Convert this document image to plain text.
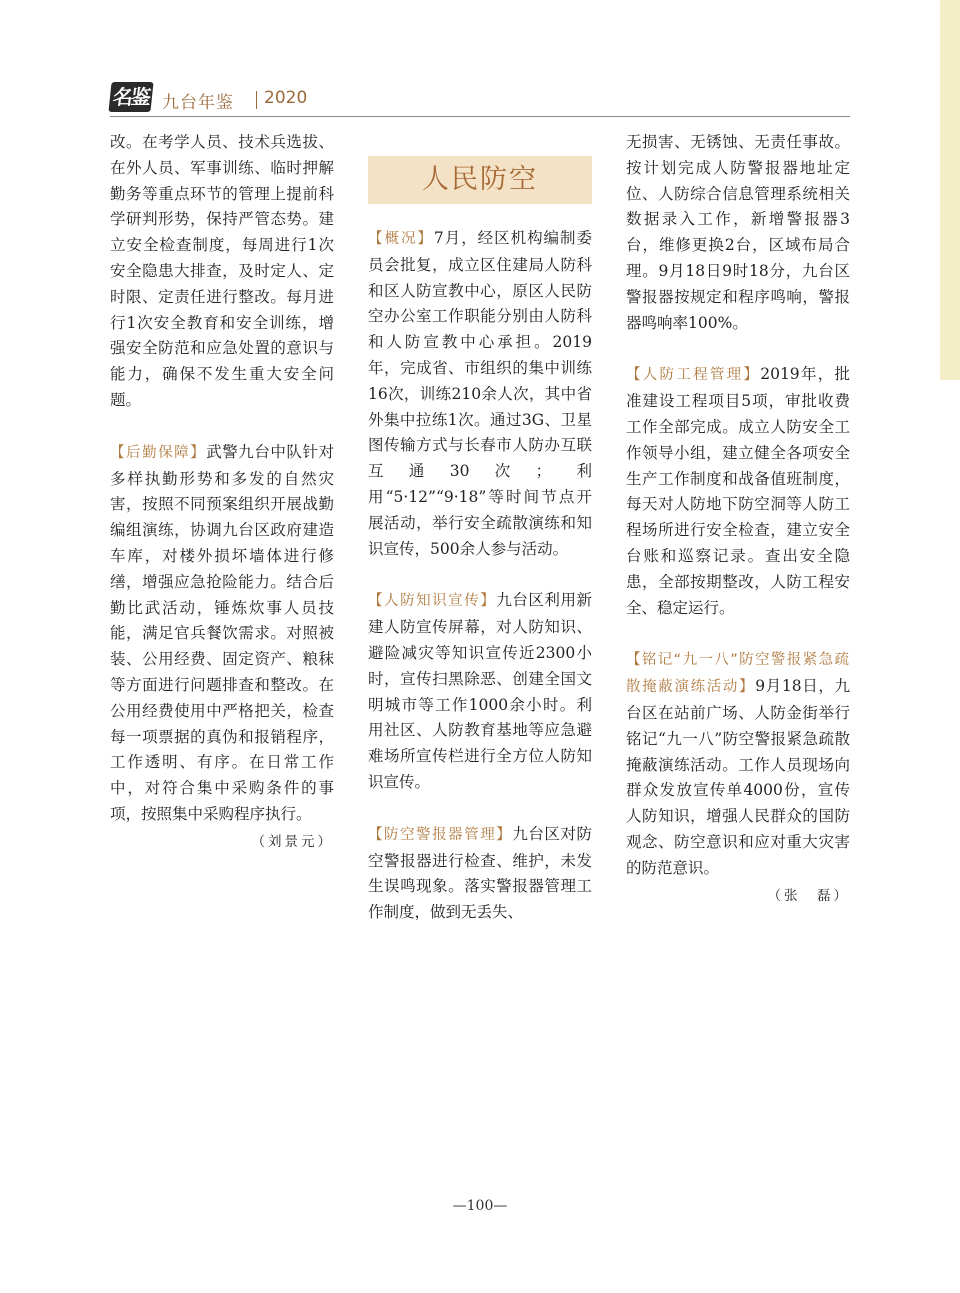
名鉴 九台年鉴 2020

改。在考学人员、技术兵选拔、在外人员、军事训练、临时押解勤务等重点环节的管理上提前科学研判形势，保持严管态势。建立安全检查制度，每周进行1次安全隐患大排查，及时定人、定时限、定责任进行整改。每月进行1次安全教育和安全训练，增强安全防范和应急处置的意识与能力，确保不发生重大安全问题。

【后勤保障】武警九台中队针对多样执勤形势和多发的自然灾害，按照不同预案组织开展战勤编组演练，协调九台区政府建造车库，对楼外损坏墙体进行修缮，增强应急抢险能力。结合后勤比武活动，锤炼炊事人员技能，满足官兵餐饮需求。对照被装、公用经费、固定资产、粮秣等方面进行问题排查和整改。在公用经费使用中严格把关，检查每一项票据的真伪和报销程序，工作透明、有序。在日常工作中，对符合集中采购条件的事项，按照集中采购程序执行。

（刘景元）
人民防空

【概况】7月，经区机构编制委员会批复，成立区住建局人防科和区人防宣教中心，原区人民防空办公室工作职能分别由人防科和人防宣教中心承担。2019年，完成省、市组织的集中训练16次，训练210余人次，其中省外集中拉练1次。通过3G、卫星图传输方式与长春市人防办互联互通30次；利用“5·12”“9·18”等时间节点开展活动，举行安全疏散演练和知识宣传，500余人参与活动。

【人防知识宣传】九台区利用新建人防宣传屏幕，对人防知识、避险减灾等知识宣传近2300小时，宣传扫黑除恶、创建全国文明城市等工作1000余小时。利用社区、人防教育基地等应急避难场所宣传栏进行全方位人防知识宣传。

【防空警报器管理】九台区对防空警报器进行检查、维护，未发生误鸣现象。落实警报器管理工作制度，做到无丢失、

无损害、无锈蚀、无责任事故。按计划完成人防警报器地址定位、人防综合信息管理系统相关数据录入工作，新增警报器3台，维修更换2台，区域布局合理。9月18日9时18分，九台区警报器按规定和程序鸣响，警报器鸣响率100%。

【人防工程管理】2019年，批准建设工程项目5项，审批收费工作全部完成。成立人防安全工作领导小组，建立健全各项安全生产工作制度和战备值班制度，每天对人防地下防空洞等人防工程场所进行安全检查，建立安全台账和巡察记录。查出安全隐患，全部按期整改，人防工程安全、稳定运行。

【铭记“九一八”防空警报紧急疏散掩蔽演练活动】9月18日，九台区在站前广场、人防金街举行铭记“九一八”防空警报紧急疏散掩蔽演练活动。工作人员现场向群众发放宣传单4000份，宣传人防知识，增强人民群众的国防观念、防空意识和应对重大灾害的防范意识。

（张　磊）
—100—
